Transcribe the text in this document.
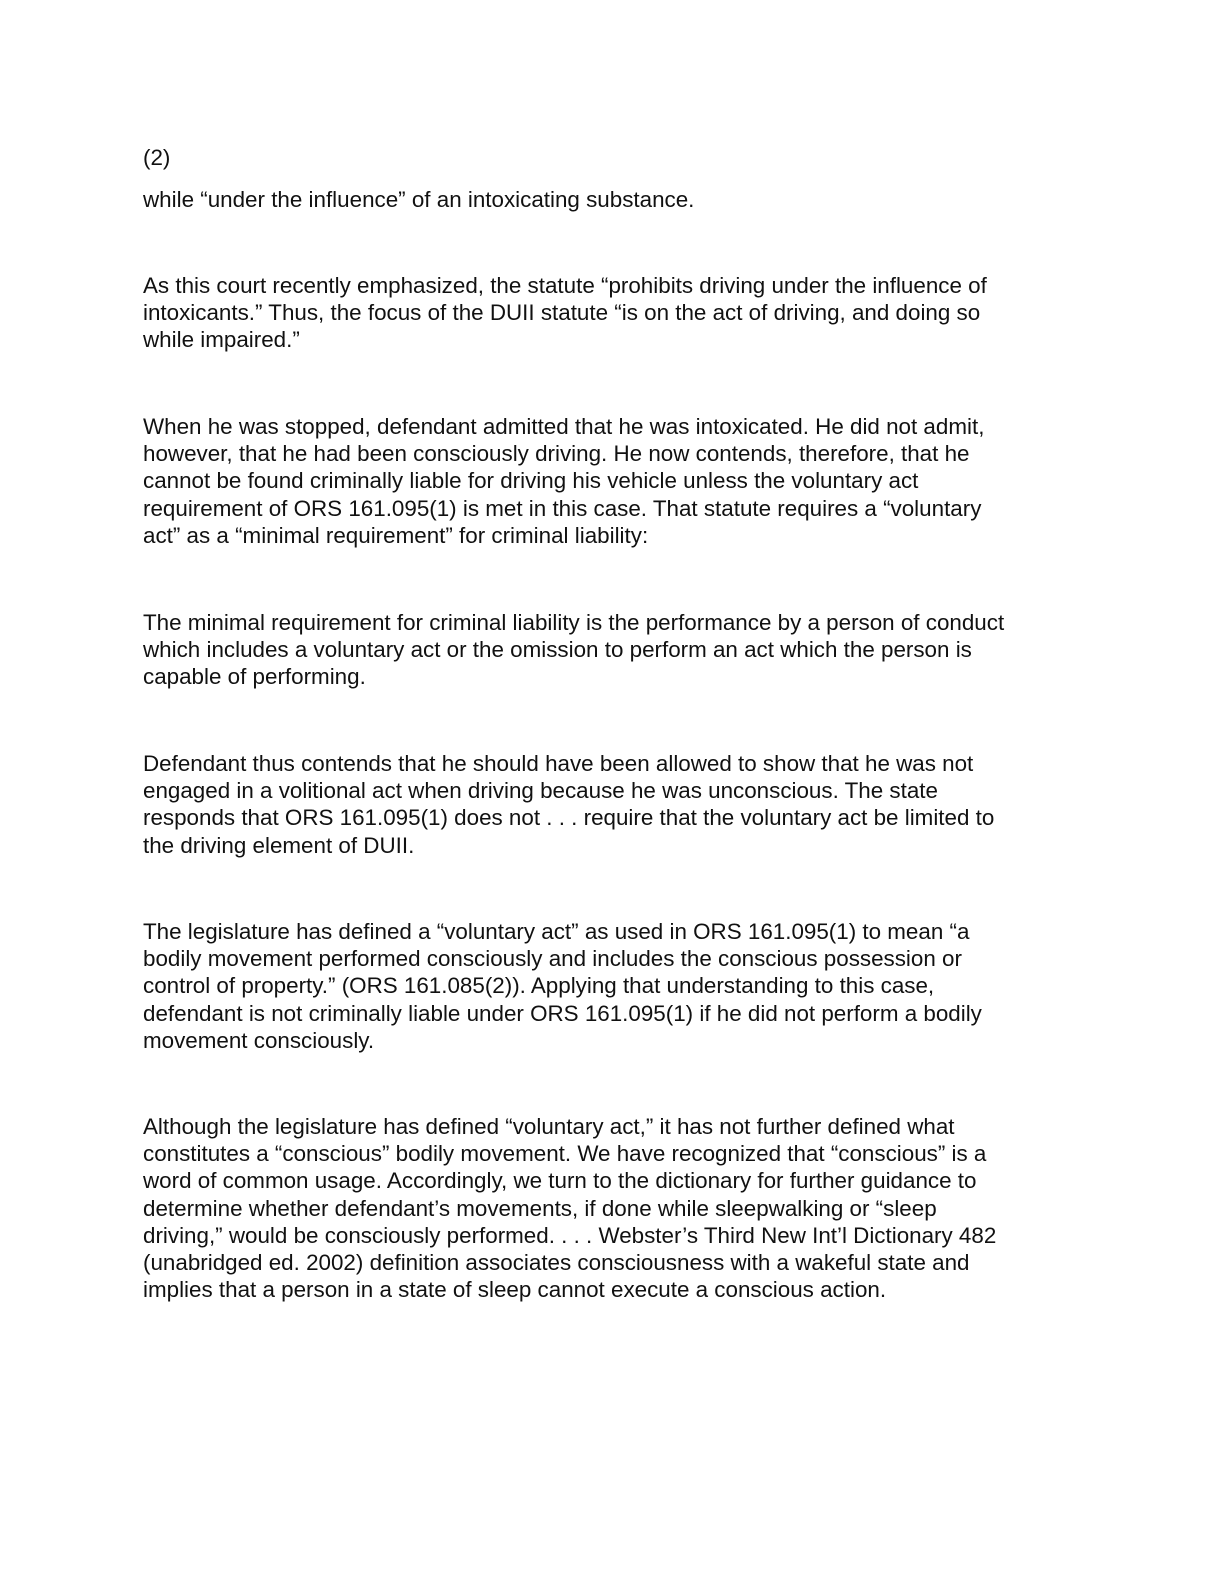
(2)

while “under the influence” of an intoxicating substance.

As this court recently emphasized, the statute “prohibits driving under the influence of
intoxicants.” Thus, the focus of the DUII statute “is on the act of driving, and doing so
while impaired.”

When he was stopped, defendant admitted that he was intoxicated. He did not admit,
however, that he had been consciously driving. He now contends, therefore, that he
cannot be found criminally liable for driving his vehicle unless the voluntary act
requirement of ORS 161.095(1) is met in this case. That statute requires a “voluntary
act” as a “minimal requirement” for criminal liability:

The minimal requirement for criminal liability is the performance by a person of conduct
which includes a voluntary act or the omission to perform an act which the person is
capable of performing.

Defendant thus contends that he should have been allowed to show that he was not
engaged in a volitional act when driving because he was unconscious. The state
responds that ORS 161.095(1) does not . . . require that the voluntary act be limited to
the driving element of DUII.

The legislature has defined a “voluntary act” as used in ORS 161.095(1) to mean “a
bodily movement performed consciously and includes the conscious possession or
control of property.” (ORS 161.085(2)). Applying that understanding to this case,
defendant is not criminally liable under ORS 161.095(1) if he did not perform a bodily
movement consciously.

Although the legislature has defined “voluntary act,” it has not further defined what
constitutes a “conscious” bodily movement. We have recognized that “conscious” is a
word of common usage. Accordingly, we turn to the dictionary for further guidance to
determine whether defendant’s movements, if done while sleepwalking or “sleep
driving,” would be consciously performed. . . . Webster’s Third New Int’l Dictionary 482
(unabridged ed. 2002) definition associates consciousness with a wakeful state and
implies that a person in a state of sleep cannot execute a conscious action.
